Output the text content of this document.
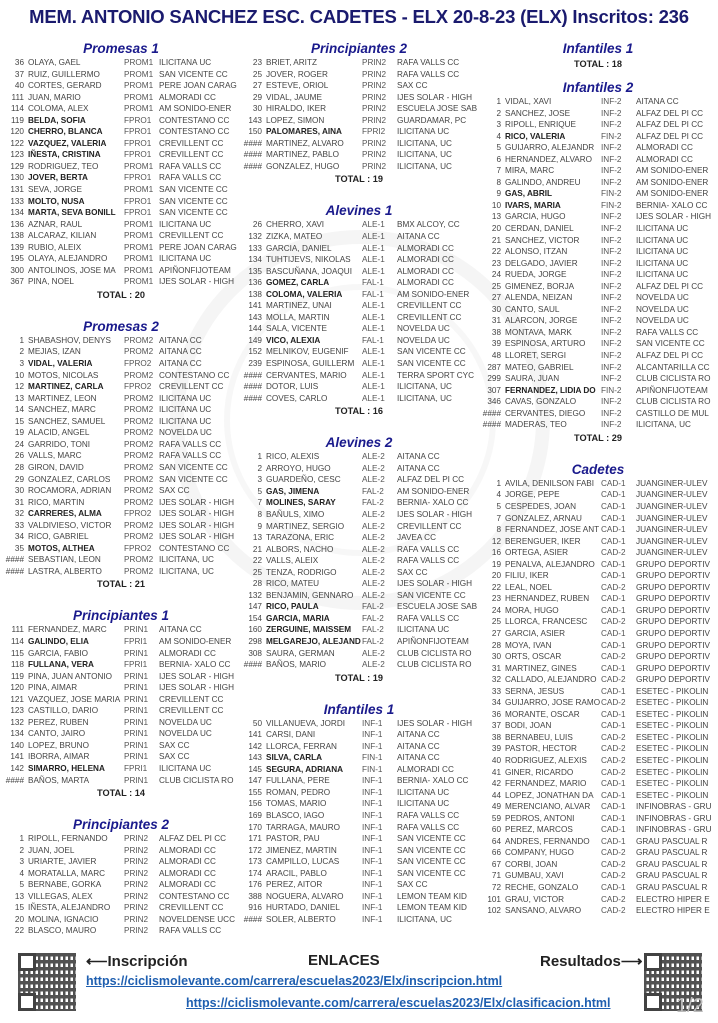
MEM. ANTONIO SANCHEZ ESC. CADETES - ELX 20-8-23 (ELX) Inscritos: 236
Promesas 1
36 OLAYA, GAEL	PROM1 ILICITANA UC
37 RUIZ, GUILLERMO	PROM1 SAN VICENTE CC
40 CORTES, GERARD	PROM1 PERE JOAN CARAG
111 JUAN, MARIO	PROM1 ALMORADI CC
114 COLOMA, ALEX	PROM1 AM SONIDO-ENER
119 BELDA, SOFIA	FPRO1 CONTESTANO CC
120 CHERRO, BLANCA	FPRO1 CONTESTANO CC
122 VAZQUEZ, VALERIA	FPRO1 CREVILLENT CC
123 IÑESTA, CRISTINA	FPRO1 CREVILLENT CC
129 RODRIGUEZ, TEO	PROM1 RAFA VALLS CC
130 JOVER, BERTA	FPRO1 RAFA VALLS CC
131 SEVA, JORGE	PROM1 SAN VICENTE CC
133 MOLTO, NUSA	FPRO1 SAN VICENTE CC
134 MARTA, SEVA BONILL	FPRO1 SAN VICENTE CC
136 AZNAR, RAUL	PROM1 ILICITANA UC
138 ALCARAZ, KILIAN	PROM1 CREVILLENT CC
139 RUBIO, ALEIX	PROM1 PERE JOAN CARAG
195 OLAYA, ALEJANDRO	PROM1 ILICITANA UC
300 ANTOLINOS, JOSE MA	PROM1 APIÑONFIJOTEAM
367 PINA, NOEL	PROM1 IJES SOLAR - HIGH
TOTAL : 20
Promesas 2
1 SHABASHOV, DENYS	PROM2 AITANA CC
2 MEJIAS, IZAN	PROM2 AITANA CC
3 VIDAL, VALERIA	FPRO2 AITANA CC
10 MOTOS, NICOLAS	PROM2 CONTESTANO CC
12 MARTINEZ, CARLA	FPRO2 CREVILLENT CC
13 MARTINEZ, LEON	PROM2 ILICITANA UC
14 SANCHEZ, MARC	PROM2 ILICITANA UC
15 SANCHEZ, SAMUEL	PROM2 ILICITANA UC
19 ALACID, ANGEL	PROM2 NOVELDA UC
24 GARRIDO, TONI	PROM2 RAFA VALLS CC
26 VALLS, MARC	PROM2 RAFA VALLS CC
28 GIRON, DAVID	PROM2 SAN VICENTE CC
29 GONZALEZ, CARLOS	PROM2 SAN VICENTE CC
30 ROCAMORA, ADRIAN	PROM2 SAX CC
31 RICO, MARTIN	PROM2 IJES SOLAR - HIGH
32 CARRERES, ALMA	FPRO2 IJES SOLAR - HIGH
33 VALDIVIESO, VICTOR	PROM2 IJES SOLAR - HIGH
34 RICO, GABRIEL	PROM2 IJES SOLAR - HIGH
35 MOTOS, ALTHEA	FPRO2 CONTESTANO CC
#### SEBASTIAN, LEON	PROM2 ILICITANA, UC
#### LASTRA, ALBERTO	PROM2 ILICITANA, UC
TOTAL : 21
Principiantes 1
111 FERNANDEZ, MARC	PRIN1	AITANA CC
114 GALINDO, ELIA	FPRI1	AM SONIDO-ENER
115 GARCIA, FABIO	PRIN1	ALMORADI CC
118 FULLANA, VERA	FPRI1	BERNIA- XALO CC
119 PINA, JUAN ANTONIO	PRIN1	IJES SOLAR - HIGH
120 PINA, AIMAR	PRIN1	IJES SOLAR - HIGH
121 VAZQUEZ, JOSE MARIA PRIN1	CREVILLENT CC
123 CASTILLO, DARIO	PRIN1	CREVILLENT CC
132 PEREZ, RUBEN	PRIN1	NOVELDA UC
134 CANTO, JAIRO	PRIN1	NOVELDA UC
140 LOPEZ, BRUNO	PRIN1	SAX CC
141 IBORRA, AIMAR	PRIN1	SAX CC
142 SIMARRO, HELENA	FPRI1	ILICITANA UC
#### BAÑOS, MARTA	PRIN1	CLUB CICLISTA RO
TOTAL : 14
Principiantes 2
1 RIPOLL, FERNANDO	PRIN2	ALFAZ DEL PI CC
2 JUAN, JOEL	PRIN2	ALMORADI CC
3 URIARTE, JAVIER	PRIN2	ALMORADI CC
4 MORATALLA, MARC	PRIN2	ALMORADI CC
5 BERNABE, GORKA	PRIN2	ALMORADI CC
13 VILLEGAS, ALEX	PRIN2	CONTESTANO CC
15 IÑESTA, ALEJANDRO	PRIN2	CREVILLENT CC
20 MOLINA, IGNACIO	PRIN2	NOVELDENSE UCC
22 BLASCO, MAURO	PRIN2	RAFA VALLS CC
Principiantes 2
23 BRIET, ARITZ	PRIN2	RAFA VALLS CC
25 JOVER, ROGER	PRIN2	RAFA VALLS CC
27 ESTEVE, ORIOL	PRIN2	SAX CC
29 VIDAL, JAUME	PRIN2	IJES SOLAR - HIGH
30 HIRALDO, IKER	PRIN2	ESCUELA JOSE SAB
143 LOPEZ, SIMON	PRIN2	GUARDAMAR, PC
150 PALOMARES, AINA	FPRI2	ILICITANA UC
#### MARTINEZ, ALVARO	PRIN2	ILICITANA, UC
#### MARTINEZ, PABLO	PRIN2	ILICITANA, UC
#### GONZALEZ, HUGO	PRIN2	ILICITANA, UC
TOTAL : 19
Alevines 1
26 CHERRO, XAVI	ALE-1	BMX ALCOY, CC
132 ZIZKA, MATEO	ALE-1	AITANA CC
133 GARCIA, DANIEL	ALE-1	ALMORADI CC
134 TUHTIJEVS, NIKOLAS	ALE-1	ALMORADI CC
135 BASCUÑANA, JOAQUI	ALE-1	ALMORADI CC
136 GOMEZ, CARLA	FAL-1	ALMORADI CC
138 COLOMA, VALERIA	FAL-1	AM SONIDO-ENER
141 MARTINEZ, UNAI	ALE-1	CREVILLENT CC
143 MOLLA, MARTIN	ALE-1	CREVILLENT CC
144 SALA, VICENTE	ALE-1	NOVELDA UC
149 VICO, ALEXIA	FAL-1	NOVELDA UC
152 MELNIKOV, EUGENIF	ALE-1	SAN VICENTE CC
239 ESPINOSA, GUILLERM ALE-1	SAN VICENTE CC
#### CERVANTES, MARIO	ALE-1	TERRA SPORT CYC
#### DOTOR, LUIS	ALE-1	ILICITANA, UC
#### COVES, CARLO	ALE-1	ILICITANA, UC
TOTAL : 16
Alevines 2
1 RICO, ALEXIS	ALE-2	AITANA CC
2 ARROYO, HUGO	ALE-2	AITANA CC
3 GUARDEÑO, CESC	ALE-2	ALFAZ DEL PI CC
5 GAS, JIMENA	FAL-2	AM SONIDO-ENER
7 MOLINES, SARAY	FAL-2	BERNIA- XALO CC
8 BAÑULS, XIMO	ALE-2	IJES SOLAR - HIGH
9 MARTINEZ, SERGIO	ALE-2	CREVILLENT CC
13 TARAZONA, ERIC	ALE-2	JAVEA CC
21 ALBORS, NACHO	ALE-2	RAFA VALLS CC
22 VALLS, ALEIX	ALE-2	RAFA VALLS CC
25 TENZA, RODRIGO	ALE-2	SAX CC
28 RICO, MATEU	ALE-2	IJES SOLAR - HIGH
132 BENJAMIN, GENNARO	ALE-2	SAN VICENTE CC
147 RICO, PAULA	FAL-2	ESCUELA JOSE SAB
154 GARCIA, MARIA	FAL-2	RAFA VALLS CC
160 ZERGUINE, MAISSEM	FAL-2	ILICITANA UC
298 MELGAREJO, ALEJAND FAL-2	APIÑONFIJOTEAM
308 SAURA, GERMAN	ALE-2	CLUB CICLISTA RO
#### BAÑOS, MARIO	ALE-2	CLUB CICLISTA RO
TOTAL : 19
Infantiles 1
50 VILLANUEVA, JORDI	INF-1	IJES SOLAR - HIGH
141 CARSI, DANI	INF-1	AITANA CC
142 LLORCA, FERRAN	INF-1	AITANA CC
143 SILVA, CARLA	FIN-1	AITANA CC
145 SEGURA, ADRIANA	FIN-1	ALMORADI CC
147 FULLANA, PERE	INF-1	BERNIA- XALO CC
155 ROMAN, PEDRO	INF-1	ILICITANA UC
156 TOMAS, MARIO	INF-1	ILICITANA UC
169 BLASCO, IAGO	INF-1	RAFA VALLS CC
170 TARRAGA, MAURO	INF-1	RAFA VALLS CC
171 PASTOR, PAU	INF-1	SAN VICENTE CC
172 JIMENEZ, MARTIN	INF-1	SAN VICENTE CC
173 CAMPILLO, LUCAS	INF-1	SAN VICENTE CC
174 ARACIL, PABLO	INF-1	SAN VICENTE CC
176 PEREZ, AITOR	INF-1	SAX CC
388 NOGUERA, ALVARO	INF-1	LEMON TEAM KID
916 HURTADO, DANIEL	INF-1	LEMON TEAM KID
#### SOLER, ALBERTO	INF-1	ILICITANA, UC
Infantiles 1
TOTAL : 18
Infantiles 2
1 VIDAL, XAVI	INF-2	AITANA CC
2 SANCHEZ, JOSE	INF-2	ALFAZ DEL PI CC
3 RIPOLL, ENRIQUE	INF-2	ALFAZ DEL PI CC
4 RICO, VALERIA	FIN-2	ALFAZ DEL PI CC
5 GUIJARRO, ALEJANDR INF-2	ALMORADI CC
6 HERNANDEZ, ALVARO	INF-2	ALMORADI CC
7 MIRA, MARC	INF-2	AM SONIDO-ENER
8 GALINDO, ANDREU	INF-2	AM SONIDO-ENER
9 GAS, ABRIL	FIN-2	AM SONIDO-ENER
10 IVARS, MARIA	FIN-2	BERNIA- XALO CC
13 GARCIA, HUGO	INF-2	IJES SOLAR - HIGH
20 CERDAN, DANIEL	INF-2	ILICITANA UC
21 SANCHEZ, VICTOR	INF-2	ILICITANA UC
22 ALONSO, ITZAN	INF-2	ILICITANA UC
23 DELGADO, JAVIER	INF-2	ILICITANA UC
24 RUEDA, JORGE	INF-2	ILICITANA UC
25 GIMENEZ, BORJA	INF-2	ALFAZ DEL PI CC
27 ALENDA, NEIZAN	INF-2	NOVELDA UC
30 CANTO, SAUL	INF-2	NOVELDA UC
31 ALARCON, JORGE	INF-2	NOVELDA UC
38 MONTAVA, MARK	INF-2	RAFA VALLS CC
39 ESPINOSA, ARTURO	INF-2	SAN VICENTE CC
48 LLORET, SERGI	INF-2	ALFAZ DEL PI CC
287 MATEO, GABRIEL	INF-2	ALCANTARILLA CC
299 SAURA, JUAN	INF-2	CLUB CICLISTA RO
307 FERNANDEZ, LIDIA DO FIN-2	APIÑONFIJOTEAM
346 CAVAS, GONZALO	INF-2	CLUB CICLISTA RO
#### CERVANTES, DIEGO	INF-2	CASTILLO DE MUL
#### MADERAS, TEO	INF-2	ILICITANA, UC
TOTAL : 29
Cadetes
1 AVILA, DENILSON FABI CAD-1	JUANGINER-ULEV
4 JORGE, PEPE	CAD-1	JUANGINER-ULEV
5 CESPEDES, JOAN	CAD-1	JUANGINER-ULEV
7 GONZALEZ, ARNAU	CAD-1	JUANGINER-ULEV
8 FERNANDEZ, JOSE ANT CAD-1	JUANGINER-ULEV
12 BERENGUER, IKER	CAD-1	JUANGINER-ULEV
16 ORTEGA, ASIER	CAD-2	JUANGINER-ULEV
19 PENALVA, ALEJANDRO CAD-1	GRUPO DEPORTIV
20 FILIU, IKER	CAD-1	GRUPO DEPORTIV
22 LEAL, NOEL	CAD-2	GRUPO DEPORTIV
23 HERNANDEZ, RUBEN	CAD-1	GRUPO DEPORTIV
24 MORA, HUGO	CAD-1	GRUPO DEPORTIV
25 LLORCA, FRANCESC	CAD-2	GRUPO DEPORTIV
27 GARCIA, ASIER	CAD-1	GRUPO DEPORTIV
28 MOYA, IVAN	CAD-1	GRUPO DEPORTIV
30 ORTS, OSCAR	CAD-2	GRUPO DEPORTIV
31 MARTINEZ, GINES	CAD-1	GRUPO DEPORTIV
32 CALLADO, ALEJANDRO CAD-2	GRUPO DEPORTIV
33 SERNA, JESUS	CAD-1	ESETEC - PIKOLIN
34 GUIJARRO, JOSE RAMO CAD-2	ESETEC - PIKOLIN
36 MORANTE, OSCAR	CAD-1	ESETEC - PIKOLIN
37 BODI, JOAN	CAD-1	ESETEC - PIKOLIN
38 BERNABEU, LUIS	CAD-2	ESETEC - PIKOLIN
39 PASTOR, HECTOR	CAD-2	ESETEC - PIKOLIN
40 RODRIGUEZ, ALEXIS	CAD-2	ESETEC - PIKOLIN
41 GINER, RICARDO	CAD-2	ESETEC - PIKOLIN
42 FERNANDEZ, MARIO	CAD-1	ESETEC - PIKOLIN
44 LOPEZ, JONATHAN DA CAD-1	ESETEC - PIKOLIN
49 MERENCIANO, ALVAR	CAD-1	INFINOBRAS - GRU
59 PEDROS, ANTONI	CAD-1	INFINOBRAS - GRU
60 PEREZ, MARCOS	CAD-1	INFINOBRAS - GRU
64 ANDRES, FERNANDO	CAD-1	GRAU PASCUAL R
66 COMPANY, HUGO	CAD-2	GRAU PASCUAL R
67 CORBI, JOAN	CAD-2	GRAU PASCUAL R
71 GUMBAU, XAVI	CAD-2	GRAU PASCUAL R
72 RECHE, GONZALO	CAD-1	GRAU PASCUAL R
101 GRAU, VICTOR	CAD-2	ELECTRO HIPER E
102 SANSANO, ALVARO	CAD-2	ELECTRO HIPER E
⟵Inscripción	ENLACES	Resultados⟶
https://ciclismolevante.com/carrera/escuelas2023/Elx/inscripcion.html
https://ciclismolevante.com/carrera/escuelas2023/Elx/clasificacion.html	1/2
